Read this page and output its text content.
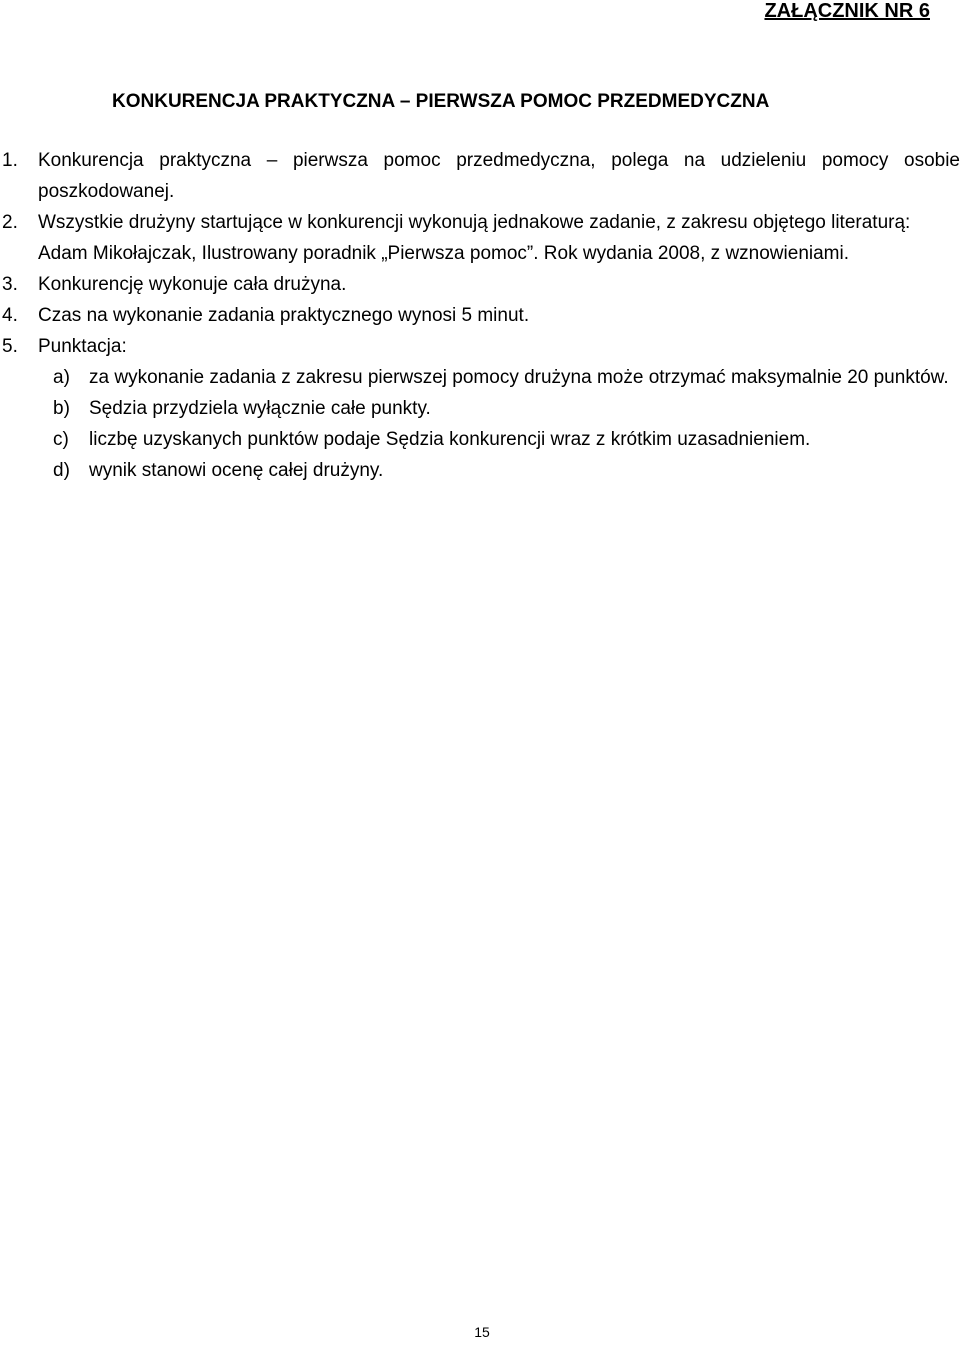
ZAŁĄCZNIK NR 6
KONKURENCJA PRAKTYCZNA – PIERWSZA POMOC PRZEDMEDYCZNA
1.	Konkurencja praktyczna – pierwsza pomoc przedmedyczna, polega na udzieleniu pomocy osobie poszkodowanej.
2.	Wszystkie drużyny startujące w konkurencji wykonują jednakowe zadanie, z zakresu objętego literaturą:
Adam Mikołajczak, Ilustrowany poradnik „Pierwsza pomoc”. Rok wydania 2008, z wznowieniami.
3.	Konkurencję wykonuje cała drużyna.
4.	Czas na wykonanie zadania praktycznego wynosi 5 minut.
5.	Punktacja:
a)	za wykonanie zadania z zakresu pierwszej pomocy drużyna może otrzymać maksymalnie 20 punktów.
b)	Sędzia przydziela wyłącznie całe punkty.
c)	liczbę uzyskanych punktów podaje Sędzia konkurencji wraz z krótkim uzasadnieniem.
d)	wynik stanowi ocenę całej drużyny.
15
